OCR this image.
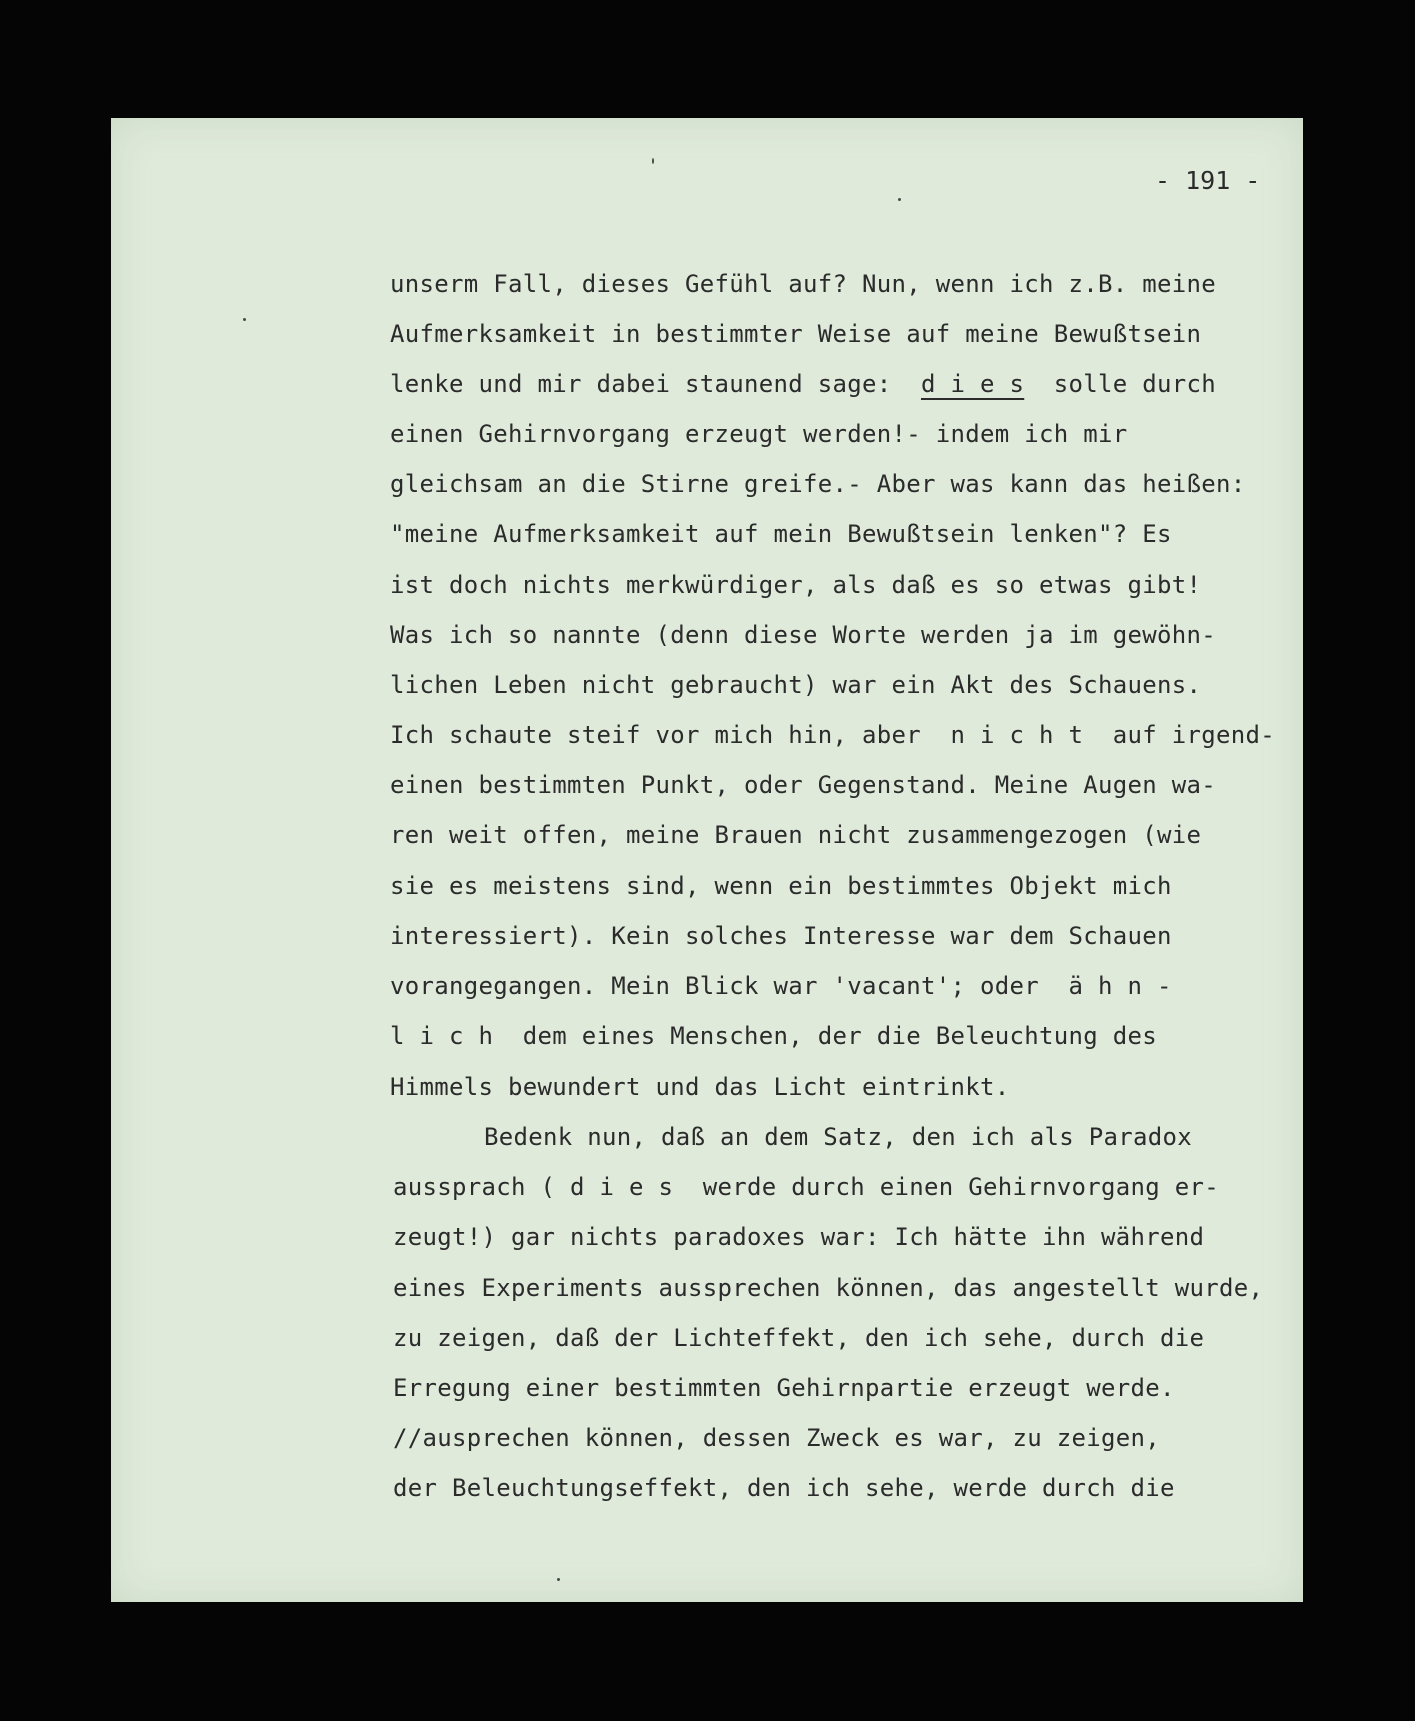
- 191 -
unserm Fall, dieses Gefühl auf? Nun, wenn ich z.B. meine
Aufmerksamkeit in bestimmter Weise auf meine Bewußtsein
lenke und mir dabei staunend sage:  d i e s  solle durch
einen Gehirnvorgang erzeugt werden!- indem ich mir
gleichsam an die Stirne greife.- Aber was kann das heißen:
"meine Aufmerksamkeit auf mein Bewußtsein lenken"? Es
ist doch nichts merkwürdiger, als daß es so etwas gibt!
Was ich so nannte (denn diese Worte werden ja im gewöhn-
lichen Leben nicht gebraucht) war ein Akt des Schauens.
Ich schaute steif vor mich hin, aber  n i c h t  auf irgend-
einen bestimmten Punkt, oder Gegenstand. Meine Augen wa-
ren weit offen, meine Brauen nicht zusammengezogen (wie
sie es meistens sind, wenn ein bestimmtes Objekt mich
interessiert). Kein solches Interesse war dem Schauen
vorangegangen. Mein Blick war 'vacant'; oder  ä h n -
l i c h  dem eines Menschen, der die Beleuchtung des
Himmels bewundert und das Licht eintrinkt.
Bedenk nun, daß an dem Satz, den ich als Paradox
aussprach ( d i e s  werde durch einen Gehirnvorgang er-
zeugt!) gar nichts paradoxes war: Ich hätte ihn während
eines Experiments aussprechen können, das angestellt wurde,
zu zeigen, daß der Lichteffekt, den ich sehe, durch die
Erregung einer bestimmten Gehirnpartie erzeugt werde.
//ausprechen können, dessen Zweck es war, zu zeigen,
der Beleuchtungseffekt, den ich sehe, werde durch die
